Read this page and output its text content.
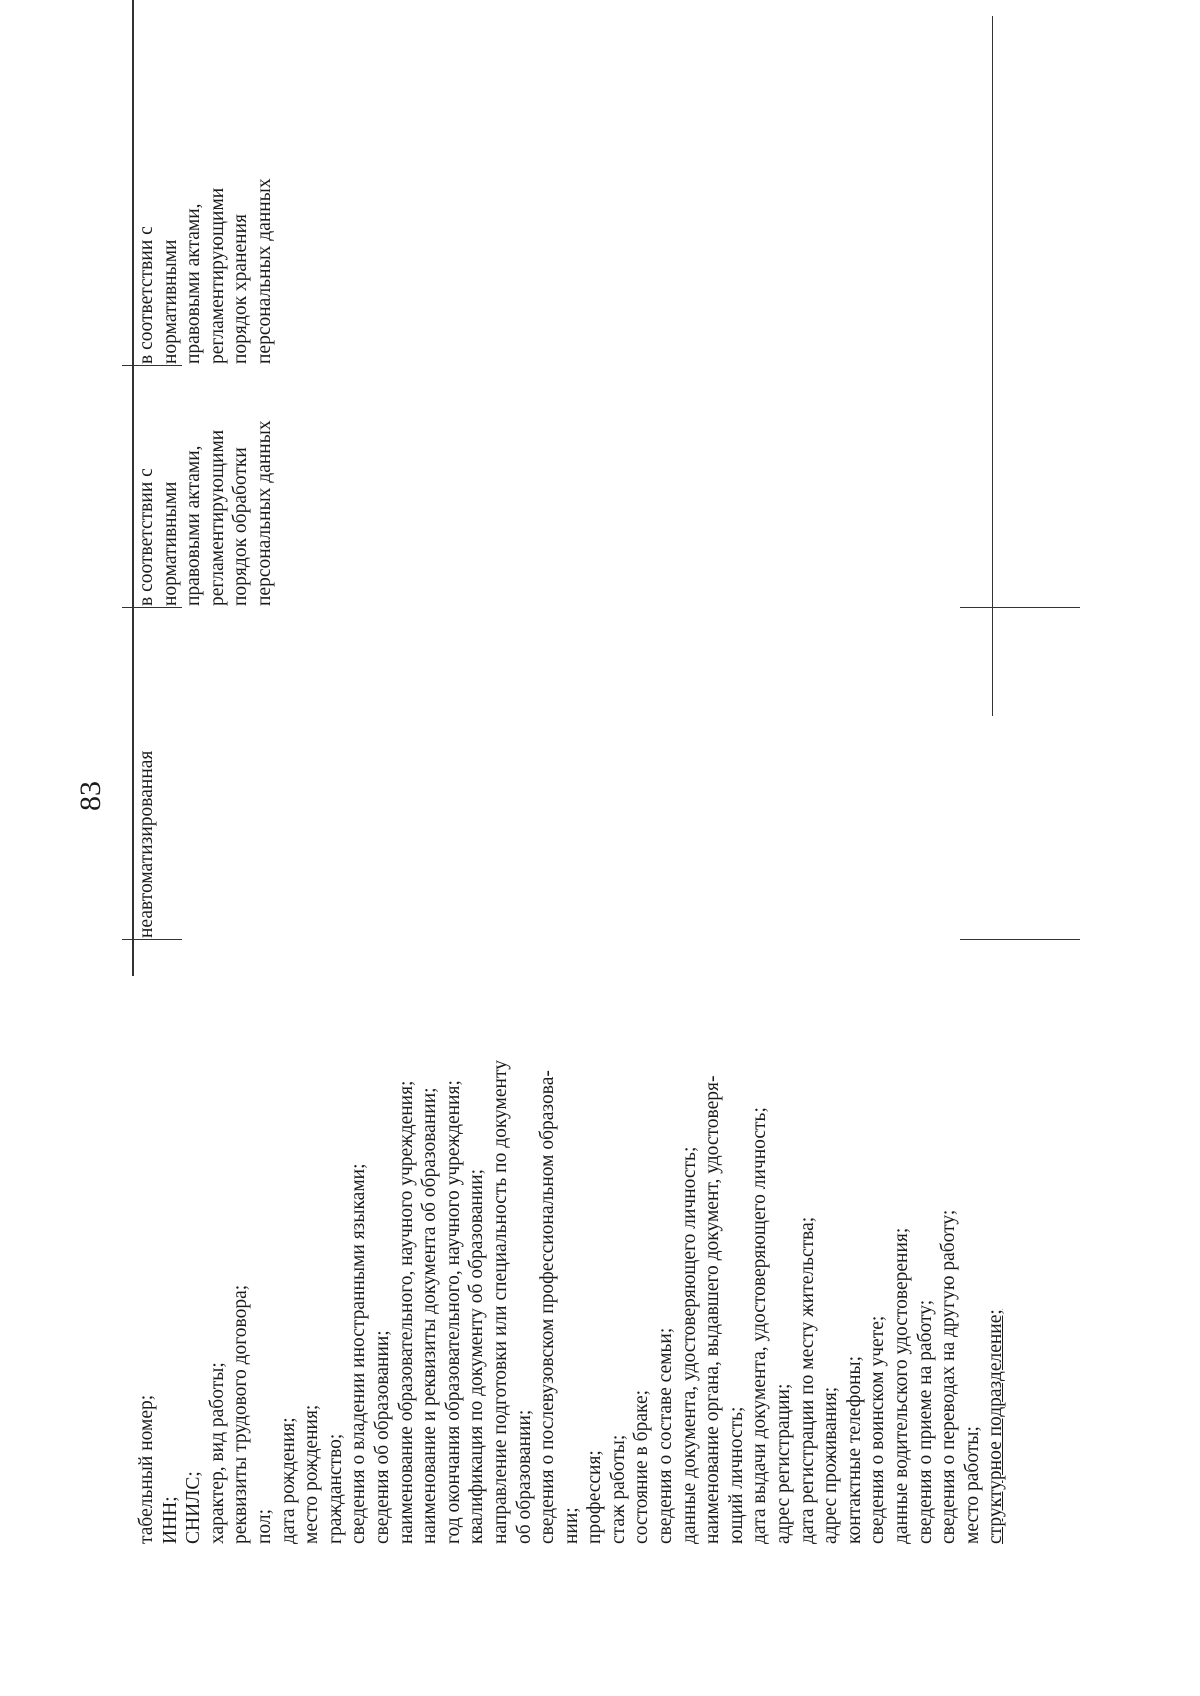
83
табельный номер; ИНН; СНИЛС; характер, вид работы; реквизиты трудового договора; пол; дата рождения; место рождения; гражданство; сведения о владении иностранными языками; сведения об образовании; наименование образовательного, научного учреждения; наименование и реквизиты документа об образовании; год окончания образовательного, научного учреждения; квалификация по документу об образовании; направление подготовки или специальность по документу об образовании; сведения о послевузовском профессиональном образова- нии; профессия; стаж работы; состояние в браке; сведения о составе семьи; данные документа, удостоверяющего личность; наименование органа, выдавшего документ, удостоверя- ющий личность; дата выдачи документа, удостоверяющего личность; адрес регистрации; дата регистрации по месту жительства; адрес проживания; контактные телефоны; сведения о воинском учете; данные водительского удостоверения; сведения о приеме на работу; сведения о переводах на другую работу; место работы; структурное подразделение;
неавтоматизированная
в соответствии с нормативными правовыми актами, регламентирующими порядок обработки персональных данных
в соответствии с нормативными правовыми актами, регламентирующими порядок хранения персональных данных
